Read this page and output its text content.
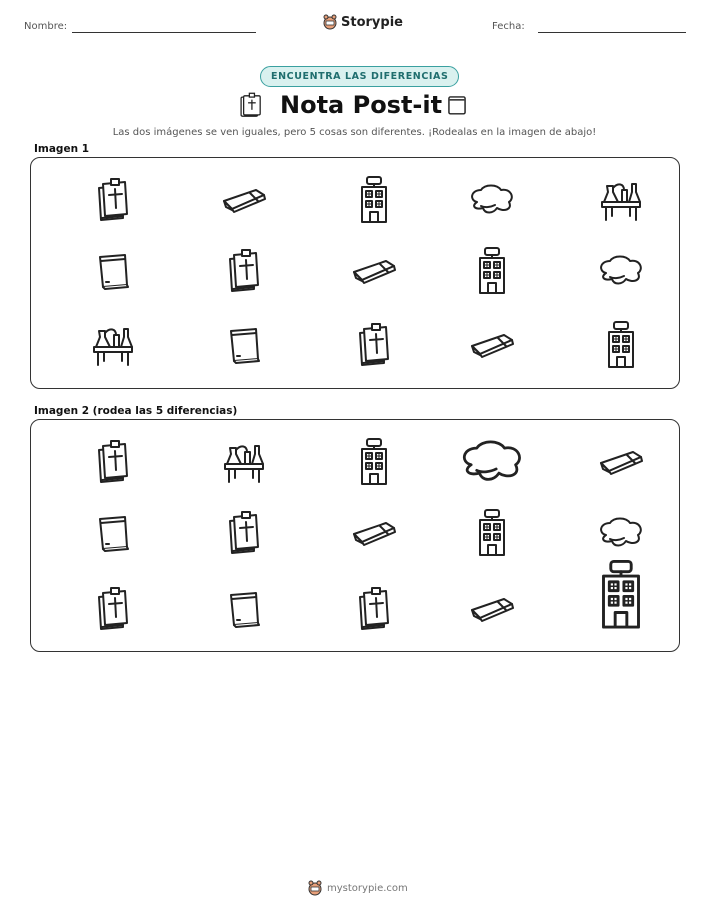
Nombre:	Storypie	Fecha:
ENCUENTRA LAS DIFERENCIAS
Nota Post-it
Las dos imágenes se ven iguales, pero 5 cosas son diferentes. ¡Rodealas en la imagen de abajo!
Imagen 1
Imagen 2 (rodea las 5 diferencias)
mystorypie.com
